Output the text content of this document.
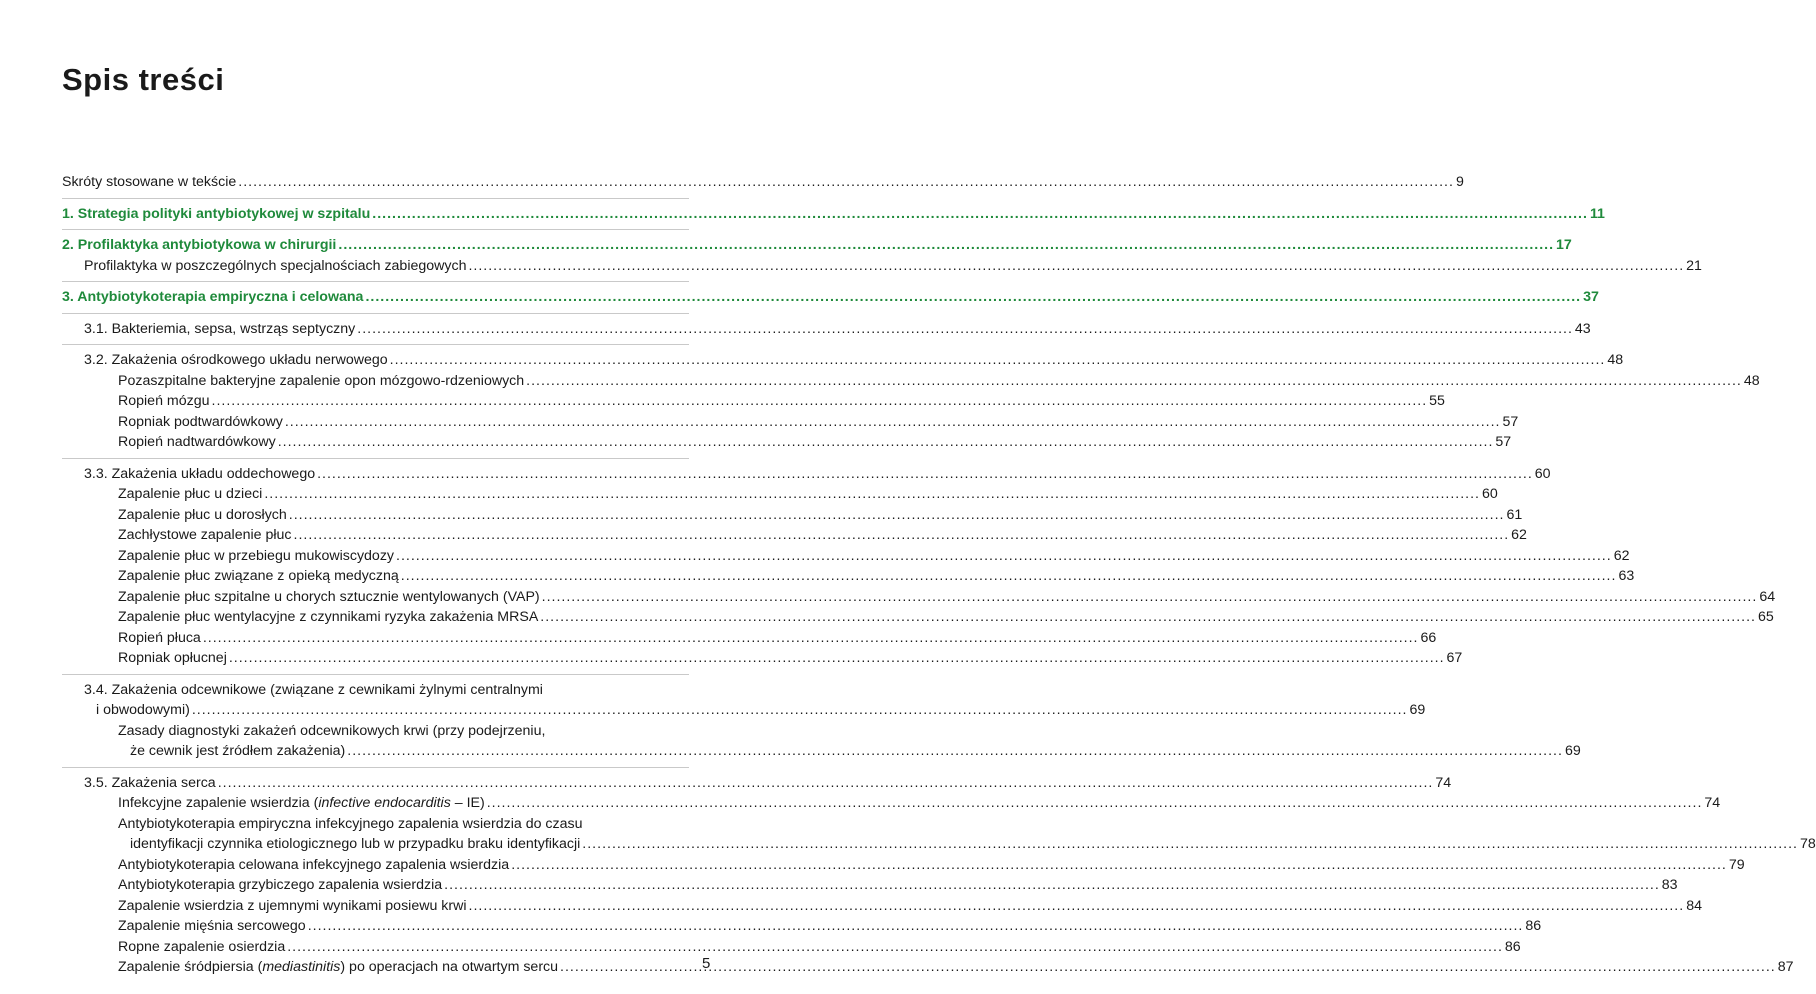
Spis treści
Skróty stosowane w tekście .....	9
1. Strategia polityki antybiotykowej w szpitalu .....	11
2. Profilaktyka antybiotykowa w chirurgii .....	17
Profilaktyka w poszczególnych specjalnościach zabiegowych .....	21
3. Antybiotykoterapia empiryczna i celowana .....	37
3.1. Bakteriemia, sepsa, wstrząs septyczny .....	43
3.2. Zakażenia ośrodkowego układu nerwowego .....	48
Pozaszpitalne bakteryjne zapalenie opon mózgowo-rdzeniowych .....	48
Ropień mózgu .....	55
Ropniak podtwardówkowy .....	57
Ropień nadtwardówkowy .....	57
3.3. Zakażenia układu oddechowego .....	60
Zapalenie płuc u dzieci .....	60
Zapalenie płuc u dorosłych .....	61
Zachłystowe zapalenie płuc .....	62
Zapalenie płuc w przebiegu mukowiscydozy .....	62
Zapalenie płuc związane z opieką medyczną .....	63
Zapalenie płuc szpitalne u chorych sztucznie wentylowanych (VAP) .....	64
Zapalenie płuc wentylacyjne z czynnikami ryzyka zakażenia MRSA .....	65
Ropień płuca .....	66
Ropniak opłucnej .....	67
3.4. Zakażenia odcewnikowe (związane z cewnikami żylnymi centralnymi
i obwodowymi) .....	69
Zasady diagnostyki zakażeń odcewnikowych krwi (przy podejrzeniu,
że cewnik jest źródłem zakażenia) .....	69
3.5. Zakażenia serca .....	74
Infekcyjne zapalenie wsierdzia (infective endocarditis – IE) .....	74
Antybiotykoterapia empiryczna infekcyjnego zapalenia wsierdzia do czasu
identyfikacji czynnika etiologicznego lub w przypadku braku identyfikacji .....	78
Antybiotykoterapia celowana infekcyjnego zapalenia wsierdzia .....	79
Antybiotykoterapia grzybiczego zapalenia wsierdzia .....	83
Zapalenie wsierdzia z ujemnymi wynikami posiewu krwi .....	84
Zapalenie mięśnia sercowego .....	86
Ropne zapalenie osierdzia .....	86
Zapalenie śródpiersia (mediastinitis) po operacjach na otwartym sercu .....	87
5
